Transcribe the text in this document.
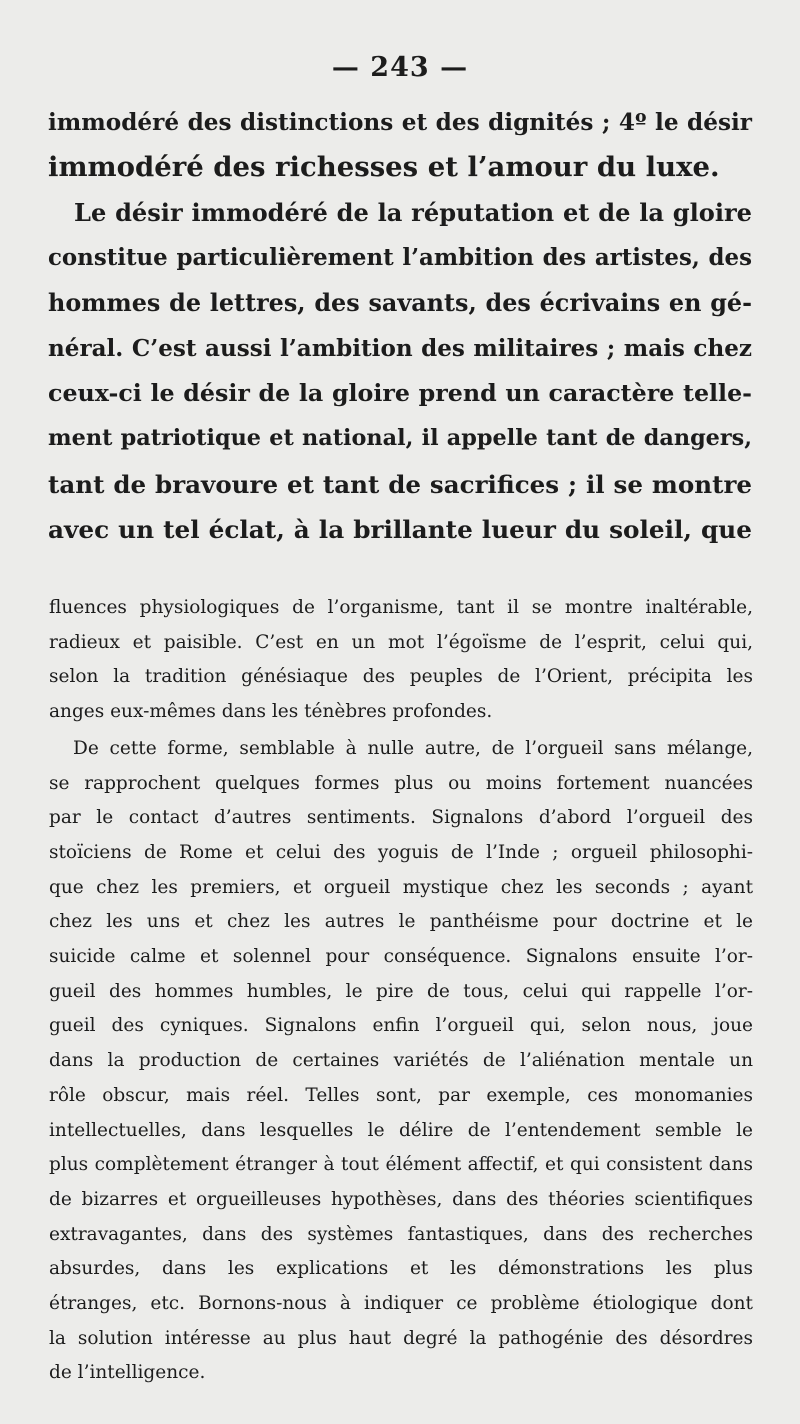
— 243 —
immodéré des distinctions et des dignités ; 4º le désir
immodéré des richesses et l’amour du luxe.
Le désir immodéré de la réputation et de la gloire
constitue particulièrement l’ambition des artistes, des
hommes de lettres, des savants, des écrivains en gé-
néral. C’est aussi l’ambition des militaires ; mais chez
ceux-ci le désir de la gloire prend un caractère telle-
ment patriotique et national, il appelle tant de dangers,
tant de bravoure et tant de sacrifices ; il se montre
avec un tel éclat, à la brillante lueur du soleil, que
fluences physiologiques de l’organisme, tant il se montre inaltérable,
radieux et paisible. C’est en un mot l’égoïsme de l’esprit, celui qui,
selon la tradition génésiaque des peuples de l’Orient, précipita les
anges eux-mêmes dans les ténèbres profondes.
De cette forme, semblable à nulle autre, de l’orgueil sans mélange,
se rapprochent quelques formes plus ou moins fortement nuancées
par le contact d’autres sentiments. Signalons d’abord l’orgueil des
stoïciens de Rome et celui des yoguis de l’Inde ; orgueil philosophi-
que chez les premiers, et orgueil mystique chez les seconds ; ayant
chez les uns et chez les autres le panthéisme pour doctrine et le
suicide calme et solennel pour conséquence. Signalons ensuite l’or-
gueil des hommes humbles, le pire de tous, celui qui rappelle l’or-
gueil des cyniques. Signalons enfin l’orgueil qui, selon nous, joue
dans la production de certaines variétés de l’aliénation mentale un
rôle obscur, mais réel. Telles sont, par exemple, ces monomanies
intellectuelles, dans lesquelles le délire de l’entendement semble le
plus complètement étranger à tout élément affectif, et qui consistent dans
de bizarres et orgueilleuses hypothèses, dans des théories scientifiques
extravagantes, dans des systèmes fantastiques, dans des recherches
absurdes, dans les explications et les démonstrations les plus
étranges, etc. Bornons-nous à indiquer ce problème étiologique dont
la solution intéresse au plus haut degré la pathogénie des désordres
de l’intelligence.
